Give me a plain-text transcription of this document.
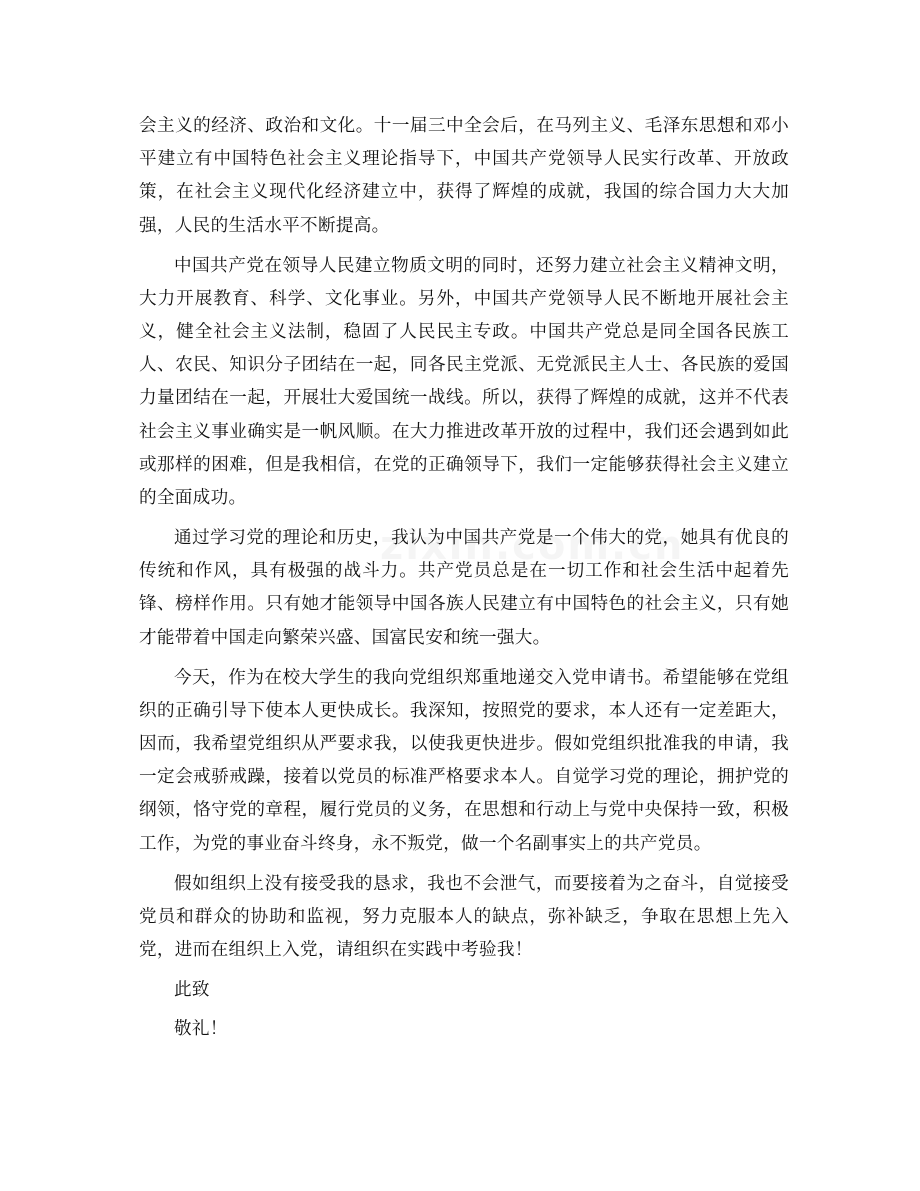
会主义的经济、政治和文化。十一届三中全会后，在马列主义、毛泽东思想和邓小平建立有中国特色社会主义理论指导下，中国共产党领导人民实行改革、开放政策，在社会主义现代化经济建立中，获得了辉煌的成就，我国的综合国力大大加强，人民的生活水平不断提高。

中国共产党在领导人民建立物质文明的同时，还努力建立社会主义精神文明，大力开展教育、科学、文化事业。另外，中国共产党领导人民不断地开展社会主义，健全社会主义法制，稳固了人民民主专政。中国共产党总是同全国各民族工人、农民、知识分子团结在一起，同各民主党派、无党派民主人士、各民族的爱国力量团结在一起，开展壮大爱国统一战线。所以，获得了辉煌的成就，这并不代表社会主义事业确实是一帆风顺。在大力推进改革开放的过程中，我们还会遇到如此或那样的困难，但是我相信，在党的正确领导下，我们一定能够获得社会主义建立的全面成功。

通过学习党的理论和历史，我认为中国共产党是一个伟大的党，她具有优良的传统和作风，具有极强的战斗力。共产党员总是在一切工作和社会生活中起着先锋、榜样作用。只有她才能领导中国各族人民建立有中国特色的社会主义，只有她才能带着中国走向繁荣兴盛、国富民安和统一强大。

今天，作为在校大学生的我向党组织郑重地递交入党申请书。希望能够在党组织的正确引导下使本人更快成长。我深知，按照党的要求，本人还有一定差距大，因而，我希望党组织从严要求我，以使我更快进步。假如党组织批准我的申请，我一定会戒骄戒躁，接着以党员的标准严格要求本人。自觉学习党的理论，拥护党的纲领，恪守党的章程，履行党员的义务，在思想和行动上与党中央保持一致，积极工作，为党的事业奋斗终身，永不叛党，做一个名副事实上的共产党员。

假如组织上没有接受我的恳求，我也不会泄气，而要接着为之奋斗，自觉接受党员和群众的协助和监视，努力克服本人的缺点，弥补缺乏，争取在思想上先入党，进而在组织上入党，请组织在实践中考验我！

此致

敬礼！
